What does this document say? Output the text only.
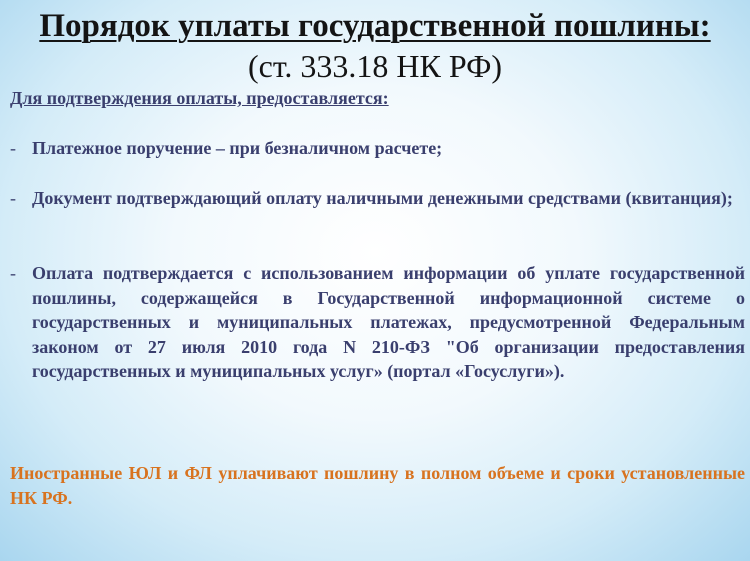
Порядок уплаты государственной пошлины:
(ст. 333.18 НК РФ)
Для подтверждения оплаты, предоставляется:
- Платежное поручение – при безналичном расчете;
- Документ подтверждающий оплату наличными денежными средствами (квитанция);
- Оплата подтверждается с использованием информации об уплате государственной пошлины, содержащейся в Государственной информационной системе о государственных и муниципальных платежах, предусмотренной Федеральным законом от 27 июля 2010 года N 210-ФЗ "Об организации предоставления государственных и муниципальных услуг» (портал «Госуслуги»).
Иностранные ЮЛ и ФЛ уплачивают пошлину в полном объеме и сроки установленные НК РФ.
